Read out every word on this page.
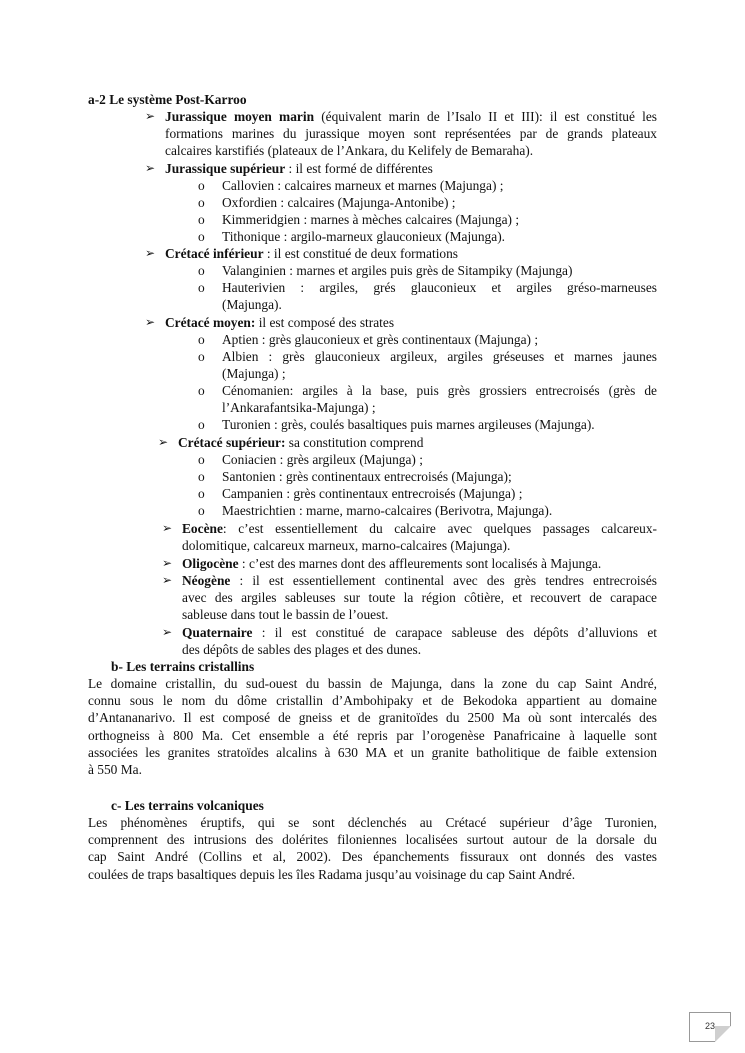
a-2 Le système Post-Karroo
➢ Jurassique moyen marin (équivalent marin de l’Isalo II et III): il est constitué les
formations marines du jurassique moyen sont représentées par de grands plateaux
calcaires karstifiés (plateaux de l’Ankara, du Kelifely de Bemaraha).
➢ Jurassique supérieur : il est formé de différentes
o Callovien : calcaires marneux et marnes (Majunga) ;
o Oxfordien : calcaires (Majunga-Antonibe) ;
o Kimmeridgien : marnes à mèches calcaires (Majunga) ;
o Tithonique : argilo-marneux glauconieux (Majunga).
➢ Crétacé inférieur : il est constitué de deux formations
o Valanginien : marnes et argiles puis grès de Sitampiky (Majunga)
o Hauterivien : argiles, grés glauconieux et argiles gréso-marneuses
(Majunga).
➢ Crétacé moyen: il est composé des strates
o Aptien : grès glauconieux et grès continentaux (Majunga) ;
o Albien : grès glauconieux argileux, argiles gréseuses et marnes jaunes
(Majunga) ;
o Cénomanien: argiles à la base, puis grès grossiers entrecroisés (grès de
l’Ankarafantsika-Majunga) ;
o Turonien : grès, coulés basaltiques puis marnes argileuses (Majunga).
➢ Crétacé supérieur: sa constitution comprend
o Coniacien : grès argileux (Majunga) ;
o Santonien : grès continentaux entrecroisés (Majunga);
o Campanien : grès continentaux entrecroisés (Majunga) ;
o Maestrichtien : marne, marno-calcaires (Berivotra, Majunga).
➢ Eocène: c’est essentiellement du calcaire avec quelques passages calcareux-
dolomitique, calcareux marneux, marno-calcaires (Majunga).
➢ Oligocène : c’est des marnes dont des affleurements sont localisés à Majunga.
➢ Néogène : il est essentiellement continental avec des grès tendres entrecroisés
avec des argiles sableuses sur toute la région côtière, et recouvert de carapace
sableuse dans tout le bassin de l’ouest.
➢ Quaternaire : il est constitué de carapace sableuse des dépôts d’alluvions et
des dépôts de sables des plages et des dunes.
b- Les terrains cristallins
Le domaine cristallin, du sud-ouest du bassin de Majunga, dans la zone du cap Saint André,
connu sous le nom du dôme cristallin d’Ambohipaky et de Bekodoka appartient au domaine
d’Antananarivo. Il est composé de gneiss et de granitoïdes du 2500 Ma où sont intercalés des
orthogneiss à 800 Ma. Cet ensemble a été repris par l’orogenèse Panafricaine à laquelle sont
associées les granites stratoïdes alcalins à 630 MA et un granite batholitique de faible extension
à 550 Ma.
c- Les terrains volcaniques
Les phénomènes éruptifs, qui se sont déclenchés au Crétacé supérieur d’âge Turonien,
comprennent des intrusions des dolérites filoniennes localisées surtout autour de la dorsale du
cap Saint André (Collins et al, 2002). Des épanchements fissuraux ont donnés des vastes
coulées de traps basaltiques depuis les îles Radama jusqu’au voisinage du cap Saint André.
23
